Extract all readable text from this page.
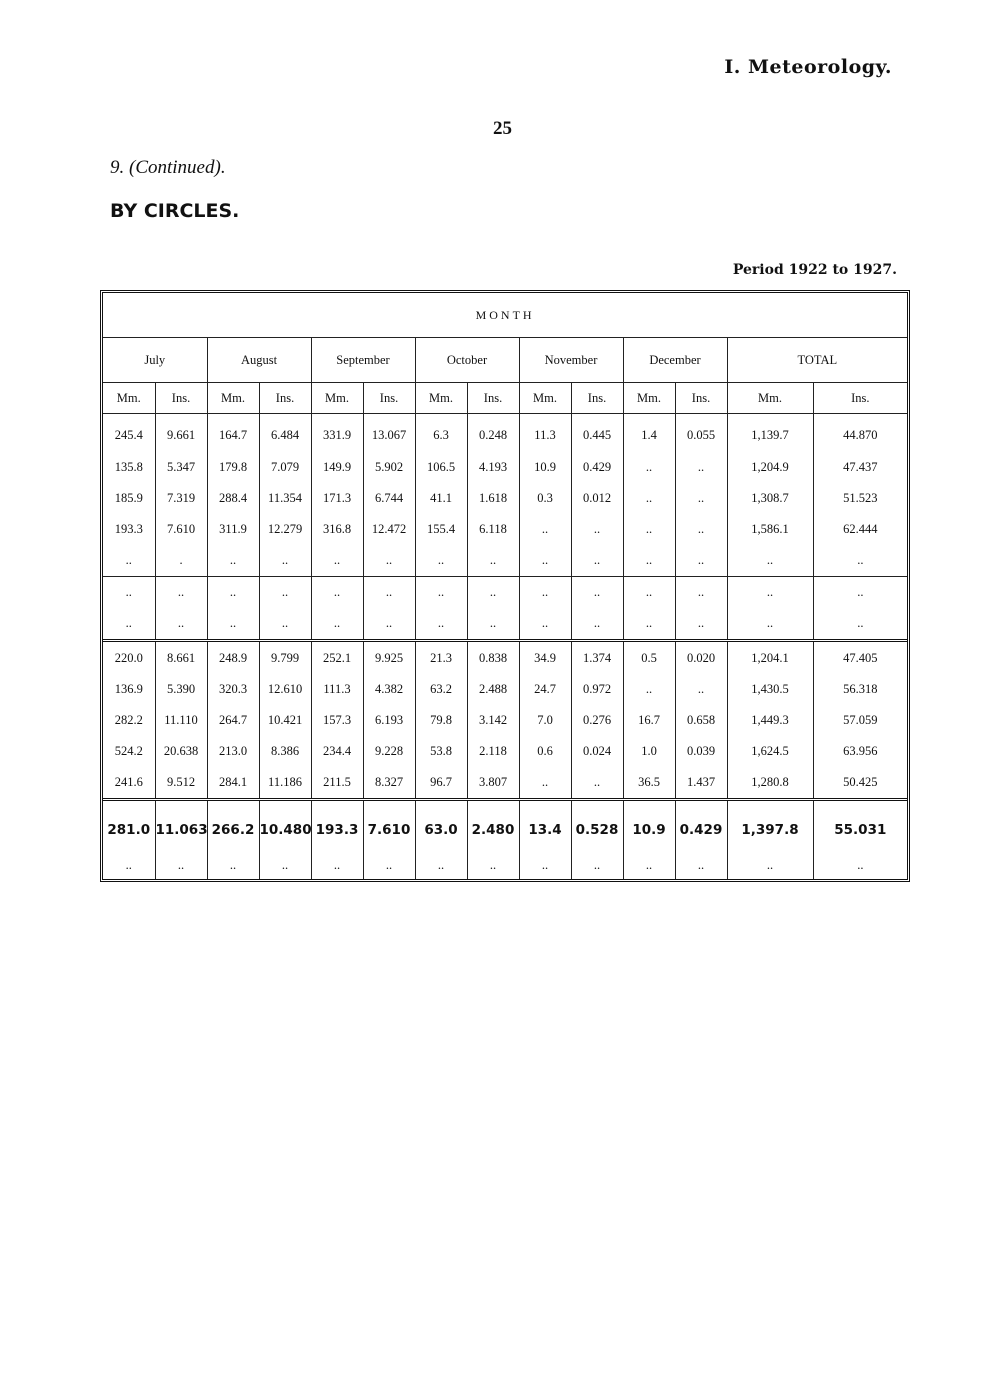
I. Meteorology.
25
9. (Continued).
BY CIRCLES.
Period 1922 to 1927.
MONTH													
July		August		September		October		November		December		TOTAL	
Mm.	Ins.	Mm.	Ins.	Mm.	Ins.	Mm.	Ins.	Mm.	Ins.	Mm.	Ins.	Mm.	Ins.
245.4	9.661	164.7	6.484	331.9	13.067	6.3	0.248	11.3	0.445	1.4	0.055	1,139.7	44.870
135.8	5.347	179.8	7.079	149.9	5.902	106.5	4.193	10.9	0.429	..	..	1,204.9	47.437
185.9	7.319	288.4	11.354	171.3	6.744	41.1	1.618	0.3	0.012	..	..	1,308.7	51.523
193.3	7.610	311.9	12.279	316.8	12.472	155.4	6.118	..	..	..	..	1,586.1	62.444
..	.	..	..	..	..	..	..	..	..	..	..	..	..
..	..	..	..	..	..	..	..	..	..	..	..	..	..
..	..	..	..	..	..	..	..	..	..	..	..	..	..
220.0	8.661	248.9	9.799	252.1	9.925	21.3	0.838	34.9	1.374	0.5	0.020	1,204.1	47.405
136.9	5.390	320.3	12.610	111.3	4.382	63.2	2.488	24.7	0.972	..	..	1,430.5	56.318
282.2	11.110	264.7	10.421	157.3	6.193	79.8	3.142	7.0	0.276	16.7	0.658	1,449.3	57.059
524.2	20.638	213.0	8.386	234.4	9.228	53.8	2.118	0.6	0.024	1.0	0.039	1,624.5	63.956
241.6	9.512	284.1	11.186	211.5	8.327	96.7	3.807	..	..	36.5	1.437	1,280.8	50.425
281.0	11.063	266.2	10.480	193.3	7.610	63.0	2.480	13.4	0.528	10.9	0.429	1,397.8	55.031
..	..	..	..	..	..	..	..	..	..	..	..	..	..
